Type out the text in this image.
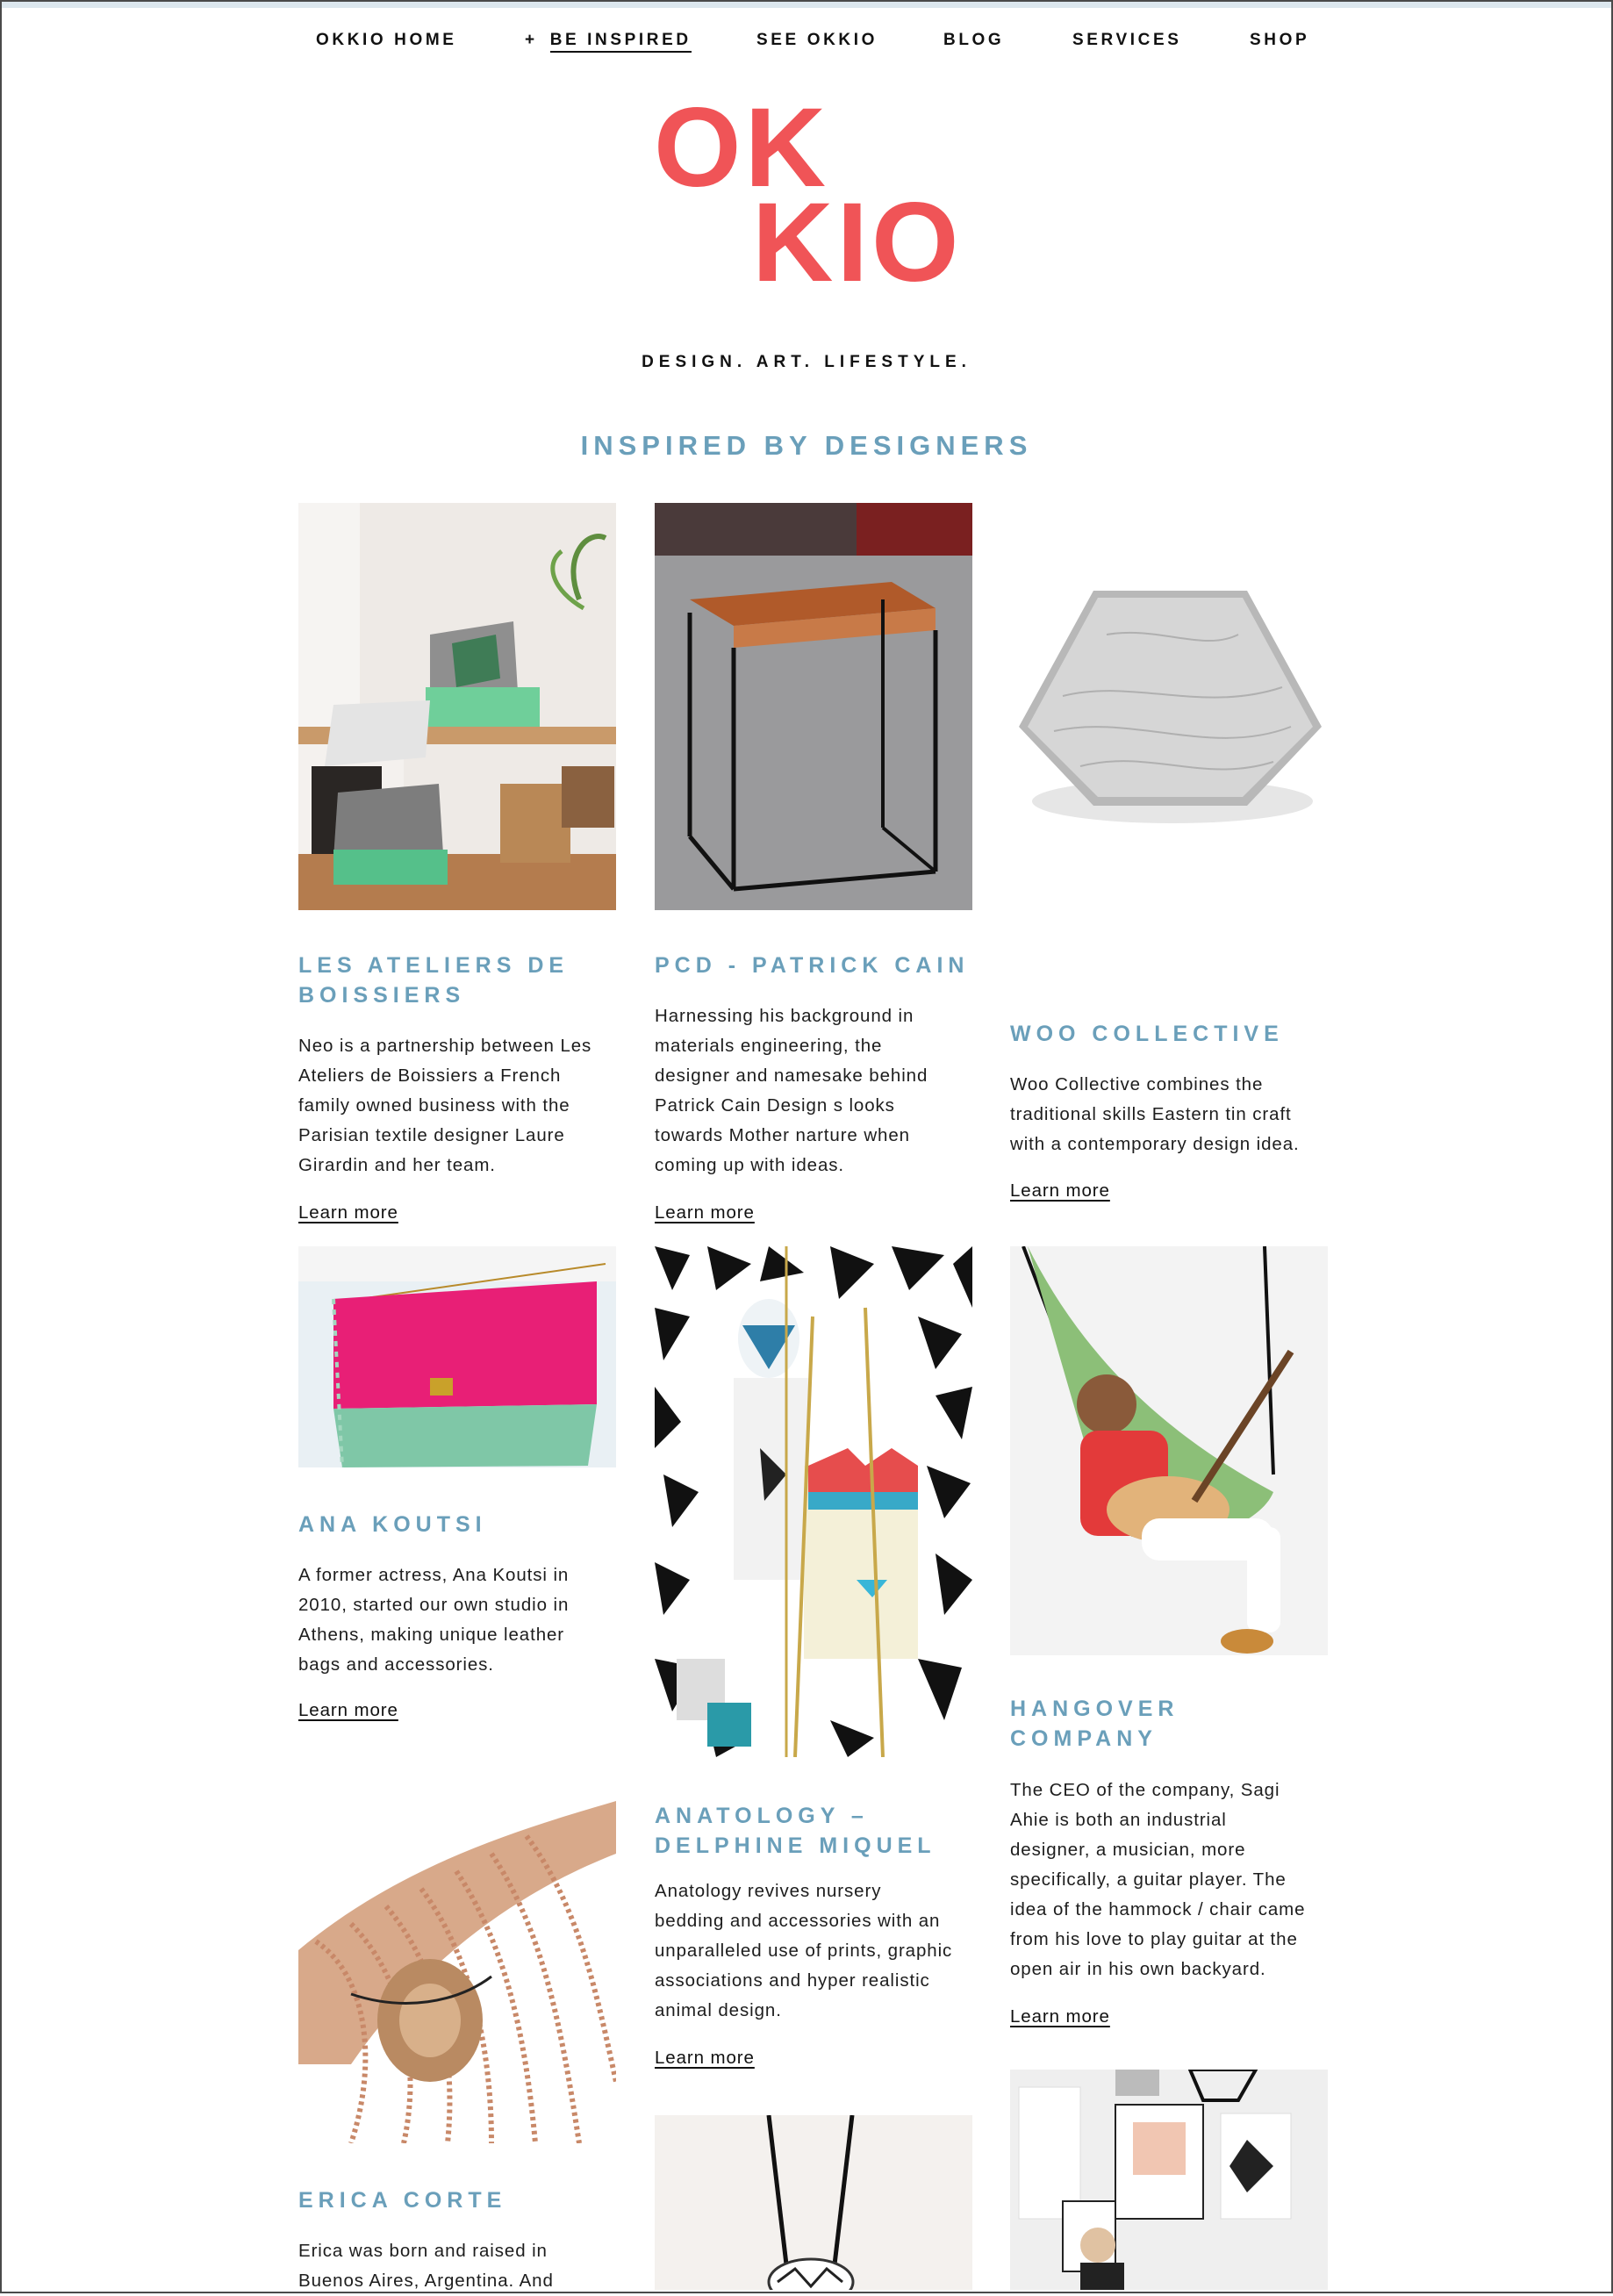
OKKIO HOME	+ BE INSPIRED	SEE OKKIO	BLOG	SERVICES	SHOP
OK
KIO
DESIGN. ART. LIFESTYLE.
INSPIRED BY DESIGNERS
LES ATELIERS DE
BOISSIERS
Neo is a partnership between Les
Ateliers de Boissiers a French
family owned business with the
Parisian textile designer Laure
Girardin and her team.
Learn more
PCD - PATRICK CAIN
Harnessing his background in
materials engineering, the
designer and namesake behind
Patrick Cain Design s looks
towards Mother narture when
coming up with ideas.
Learn more
WOO COLLECTIVE
Woo Collective combines the
traditional skills Eastern tin craft
with a contemporary design idea.
Learn more
ANA KOUTSI
A former actress, Ana Koutsi in
2010, started our own studio in
Athens, making unique leather
bags and accessories.
Learn more
ANATOLOGY –
DELPHINE MIQUEL
Anatology revives nursery
bedding and accessories with an
unparalleled use of prints, graphic
associations and hyper realistic
animal design.
Learn more
HANGOVER
COMPANY
The CEO of the company, Sagi
Ahie is both an industrial
designer, a musician, more
specifically, a guitar player. The
idea of the hammock / chair came
from his love to play guitar at the
open air in his own backyard.
Learn more
ERICA CORTE
Erica was born and raised in
Buenos Aires, Argentina. And
